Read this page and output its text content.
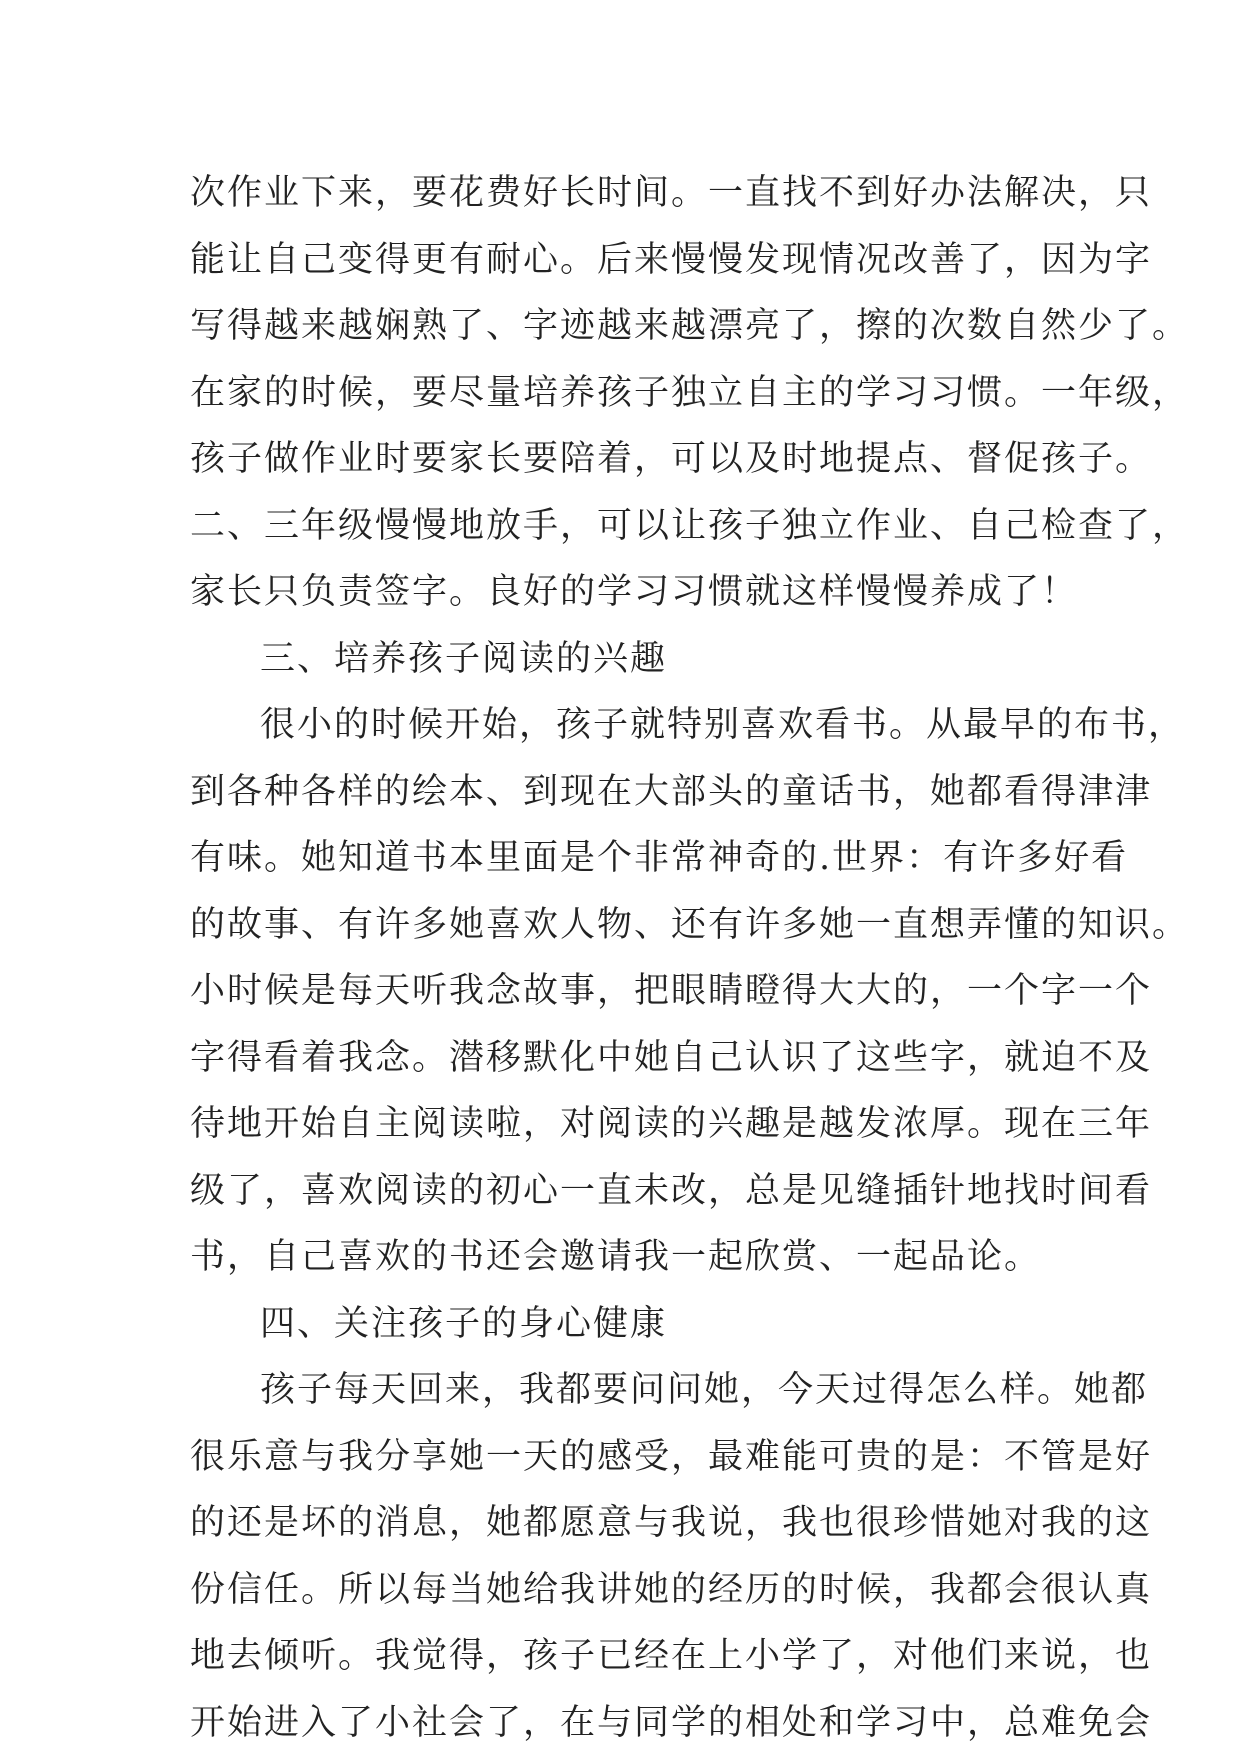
次作业下来，要花费好长时间。一直找不到好办法解决，只
能让自己变得更有耐心。后来慢慢发现情况改善了，因为字
写得越来越娴熟了、字迹越来越漂亮了，擦的次数自然少了。
在家的时候，要尽量培养孩子独立自主的学习习惯。一年级，
孩子做作业时要家长要陪着，可以及时地提点、督促孩子。
二、三年级慢慢地放手，可以让孩子独立作业、自己检查了，
家长只负责签字。良好的学习习惯就这样慢慢养成了！
三、培养孩子阅读的兴趣
很小的时候开始，孩子就特别喜欢看书。从最早的布书，
到各种各样的绘本、到现在大部头的童话书，她都看得津津
有味。她知道书本里面是个非常神奇的.世界：有许多好看
的故事、有许多她喜欢人物、还有许多她一直想弄懂的知识。
小时候是每天听我念故事，把眼睛瞪得大大的，一个字一个
字得看着我念。潜移默化中她自己认识了这些字，就迫不及
待地开始自主阅读啦，对阅读的兴趣是越发浓厚。现在三年
级了，喜欢阅读的初心一直未改，总是见缝插针地找时间看
书，自己喜欢的书还会邀请我一起欣赏、一起品论。
四、关注孩子的身心健康
孩子每天回来，我都要问问她，今天过得怎么样。她都
很乐意与我分享她一天的感受，最难能可贵的是：不管是好
的还是坏的消息，她都愿意与我说，我也很珍惜她对我的这
份信任。所以每当她给我讲她的经历的时候，我都会很认真
地去倾听。我觉得，孩子已经在上小学了，对他们来说，也
开始进入了小社会了，在与同学的相处和学习中，总难免会
